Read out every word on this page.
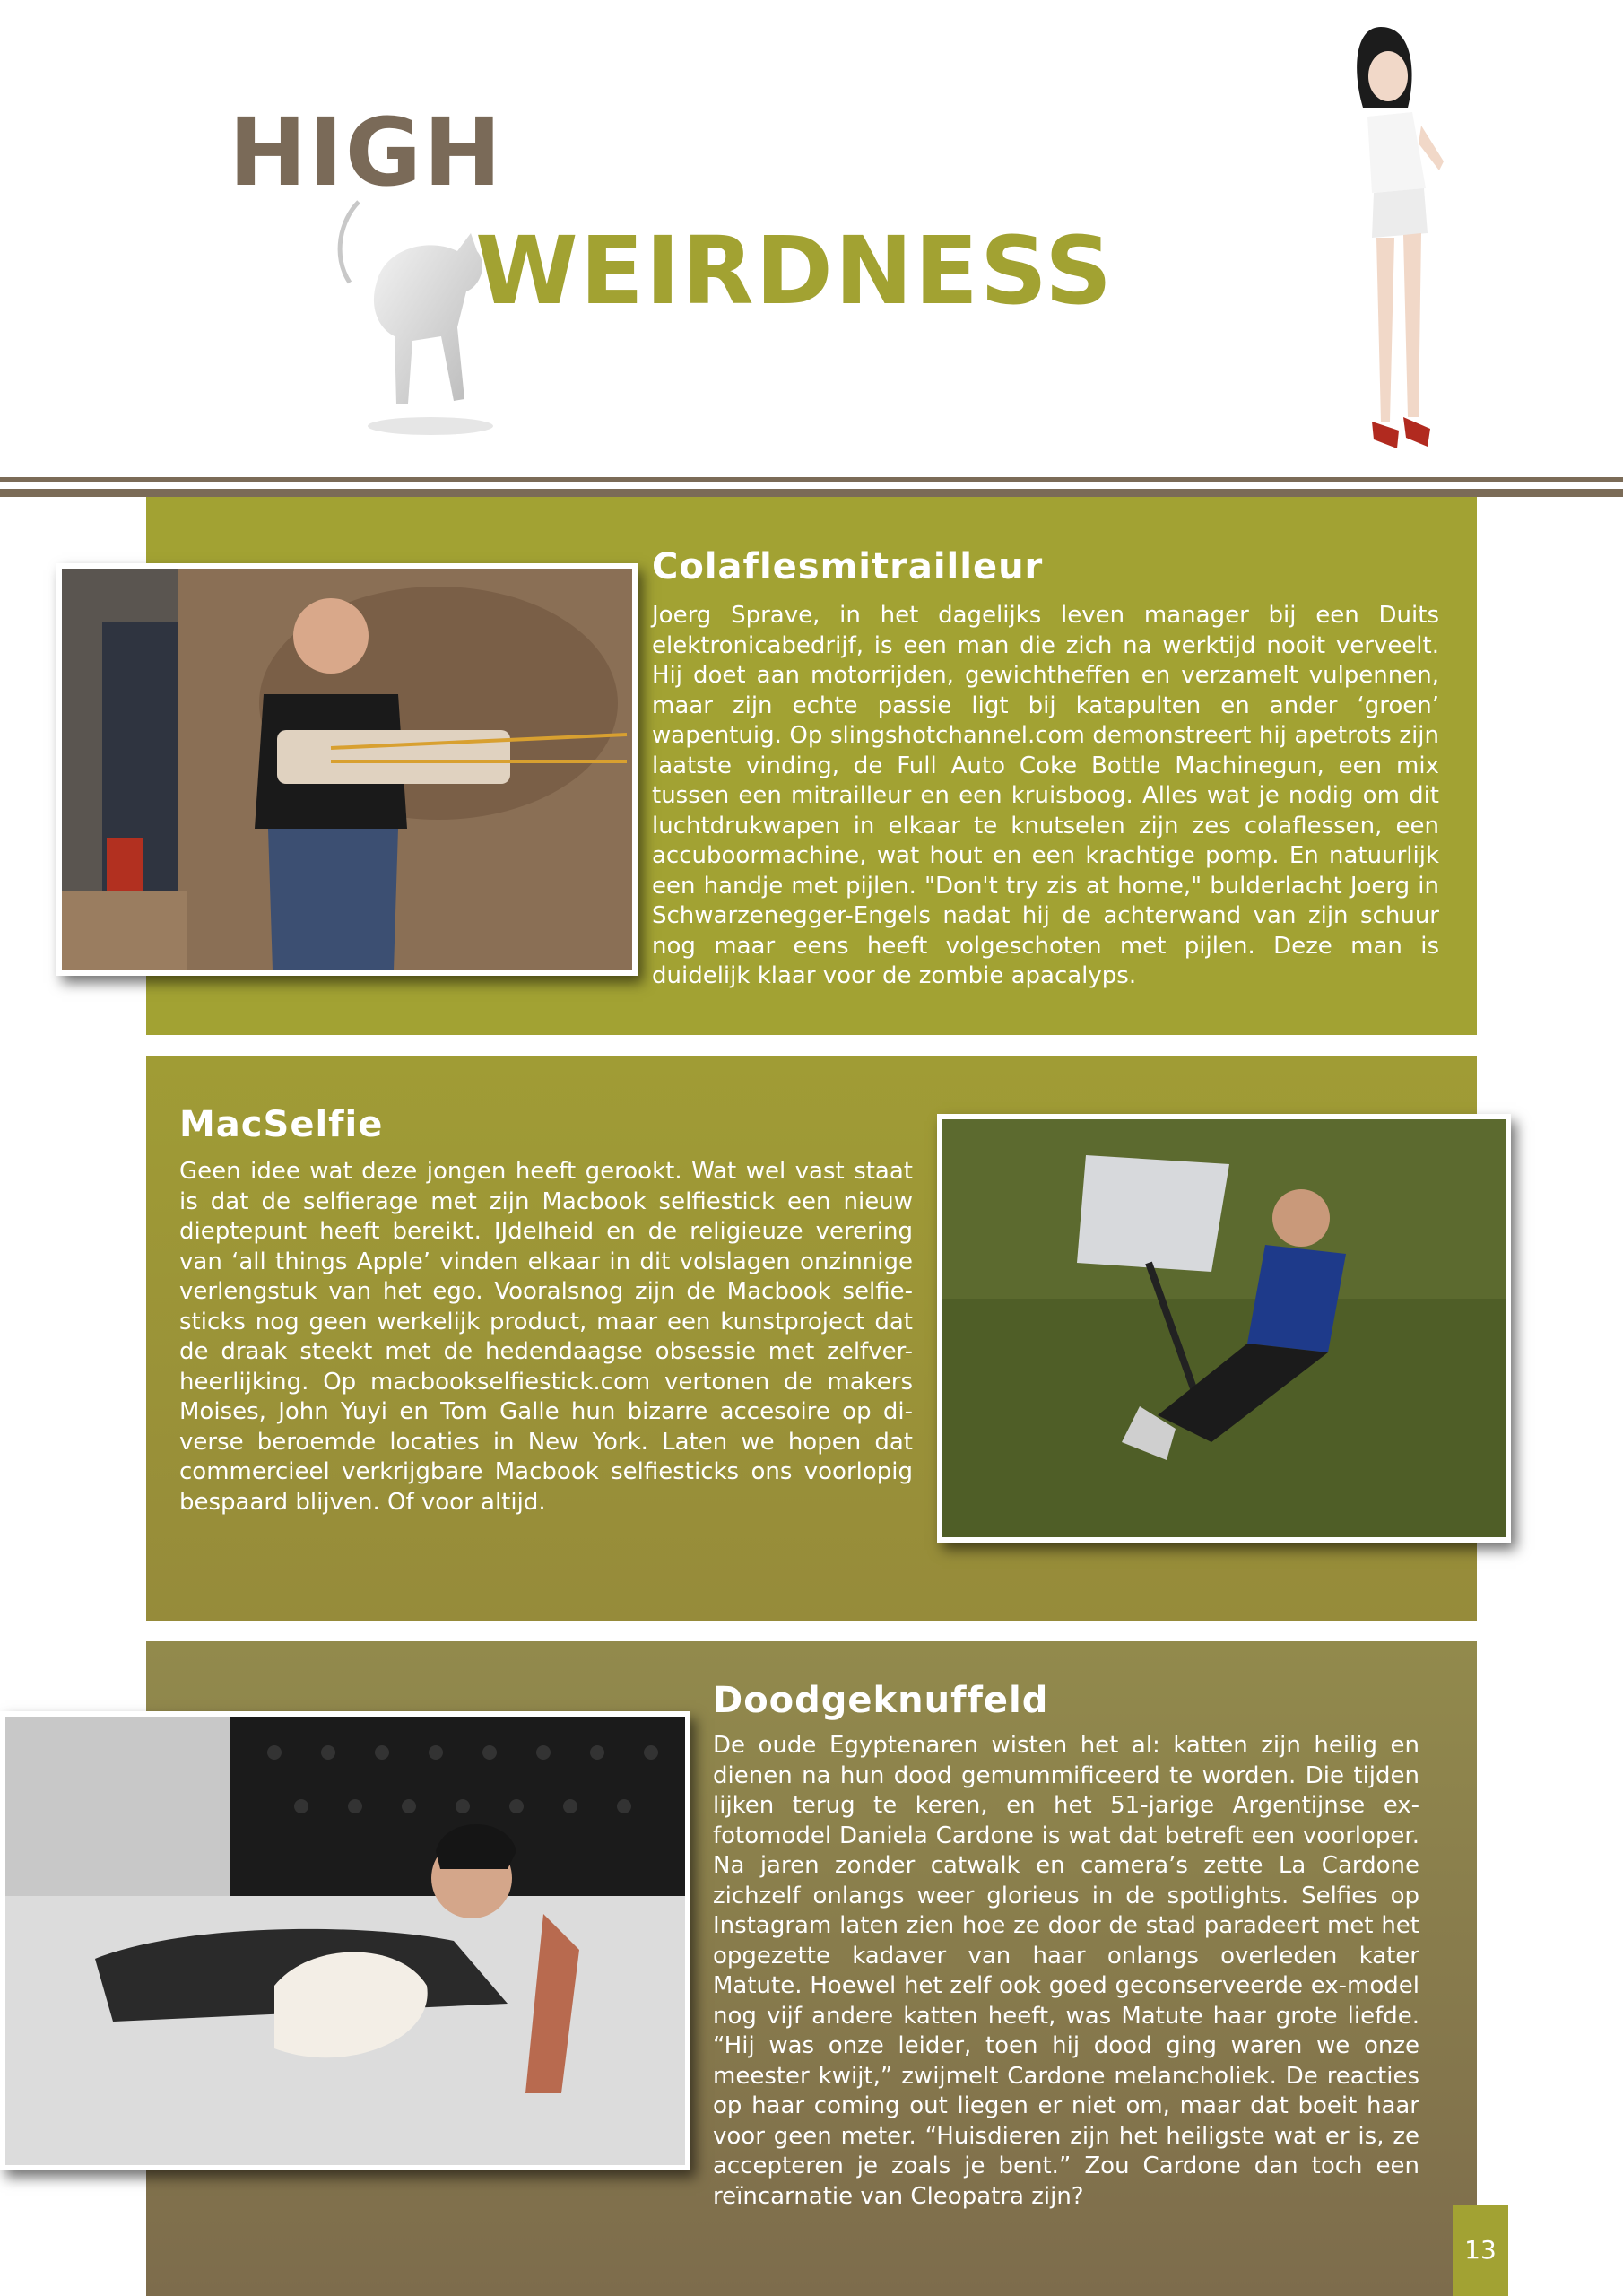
HIGH
WEIRDNESS
Colaflesmitrailleur

Joerg Sprave, in het dagelijks leven manager bij een Duits elektronicabedrijf, is een man die zich na werktijd nooit verveelt. Hij doet aan motorrijden, gewichtheffen en verzamelt vulpennen, maar zijn echte passie ligt bij katapulten en ander ‘groen’ wapentuig. Op slingshotchannel.com demonstreert hij apetrots zijn laatste vinding, de Full Auto Coke Bottle Machinegun, een mix tussen een mitrailleur en een kruisboog. Alles wat je nodig om dit luchtdrukwapen in elkaar te knutselen zijn zes colaflessen, een accuboormachine, wat hout en een krachtige pomp. En natuurlijk een handje met pijlen. "Don't try zis at home," bulderlacht Joerg in Schwarzenegger-Engels nadat hij de achterwand van zijn schuur nog maar eens heeft volgeschoten met pijlen. Deze man is duidelijk klaar voor de zombie apacalyps.

MacSelfie

Geen idee wat deze jongen heeft gerookt. Wat wel vast staat is dat de selfierage met zijn Macbook selfiestick een nieuw dieptepunt heeft bereikt. IJdelheid en de religieuze verering van ‘all things Apple’ vinden elkaar in dit volslagen onzinnige verlengstuk van het ego. Vooralsnog zijn de Macbook selfie- sticks nog geen werkelijk product, maar een kunstproject dat de draak steekt met de hedendaagse obsessie met zelfver- heerlijking. Op macbookselfiestick.com vertonen de makers Moises, John Yuyi en Tom Galle hun bizarre accesoire op di- verse beroemde locaties in New York. Laten we hopen dat commercieel verkrijgbare Macbook selfiesticks ons voorlopig bespaard blijven. Of voor altijd.

Doodgeknuffeld

De oude Egyptenaren wisten het al: katten zijn heilig en dienen na hun dood gemummificeerd te worden. Die tijden lijken terug te keren, en het 51-jarige Argentijnse ex-fotomodel Daniela Cardone is wat dat betreft een voorloper. Na jaren zonder catwalk en camera’s zette La Cardone zichzelf onlangs weer glorieus in de spotlights. Selfies op Instagram laten zien hoe ze door de stad paradeert met het opgezette kadaver van haar onlangs overleden kater Matute. Hoewel het zelf ook goed geconserveerde ex-model nog vijf andere katten heeft, was Matute haar grote liefde. “Hij was onze leider, toen hij dood ging waren we onze meester kwijt,” zwijmelt Cardone melancholiek. De reacties op haar coming out liegen er niet om, maar dat boeit haar voor geen meter. “Huisdieren zijn het heiligste wat er is, ze accepteren je zoals je bent.” Zou Cardone dan toch een reïncarnatie van Cleopatra zijn?

13
